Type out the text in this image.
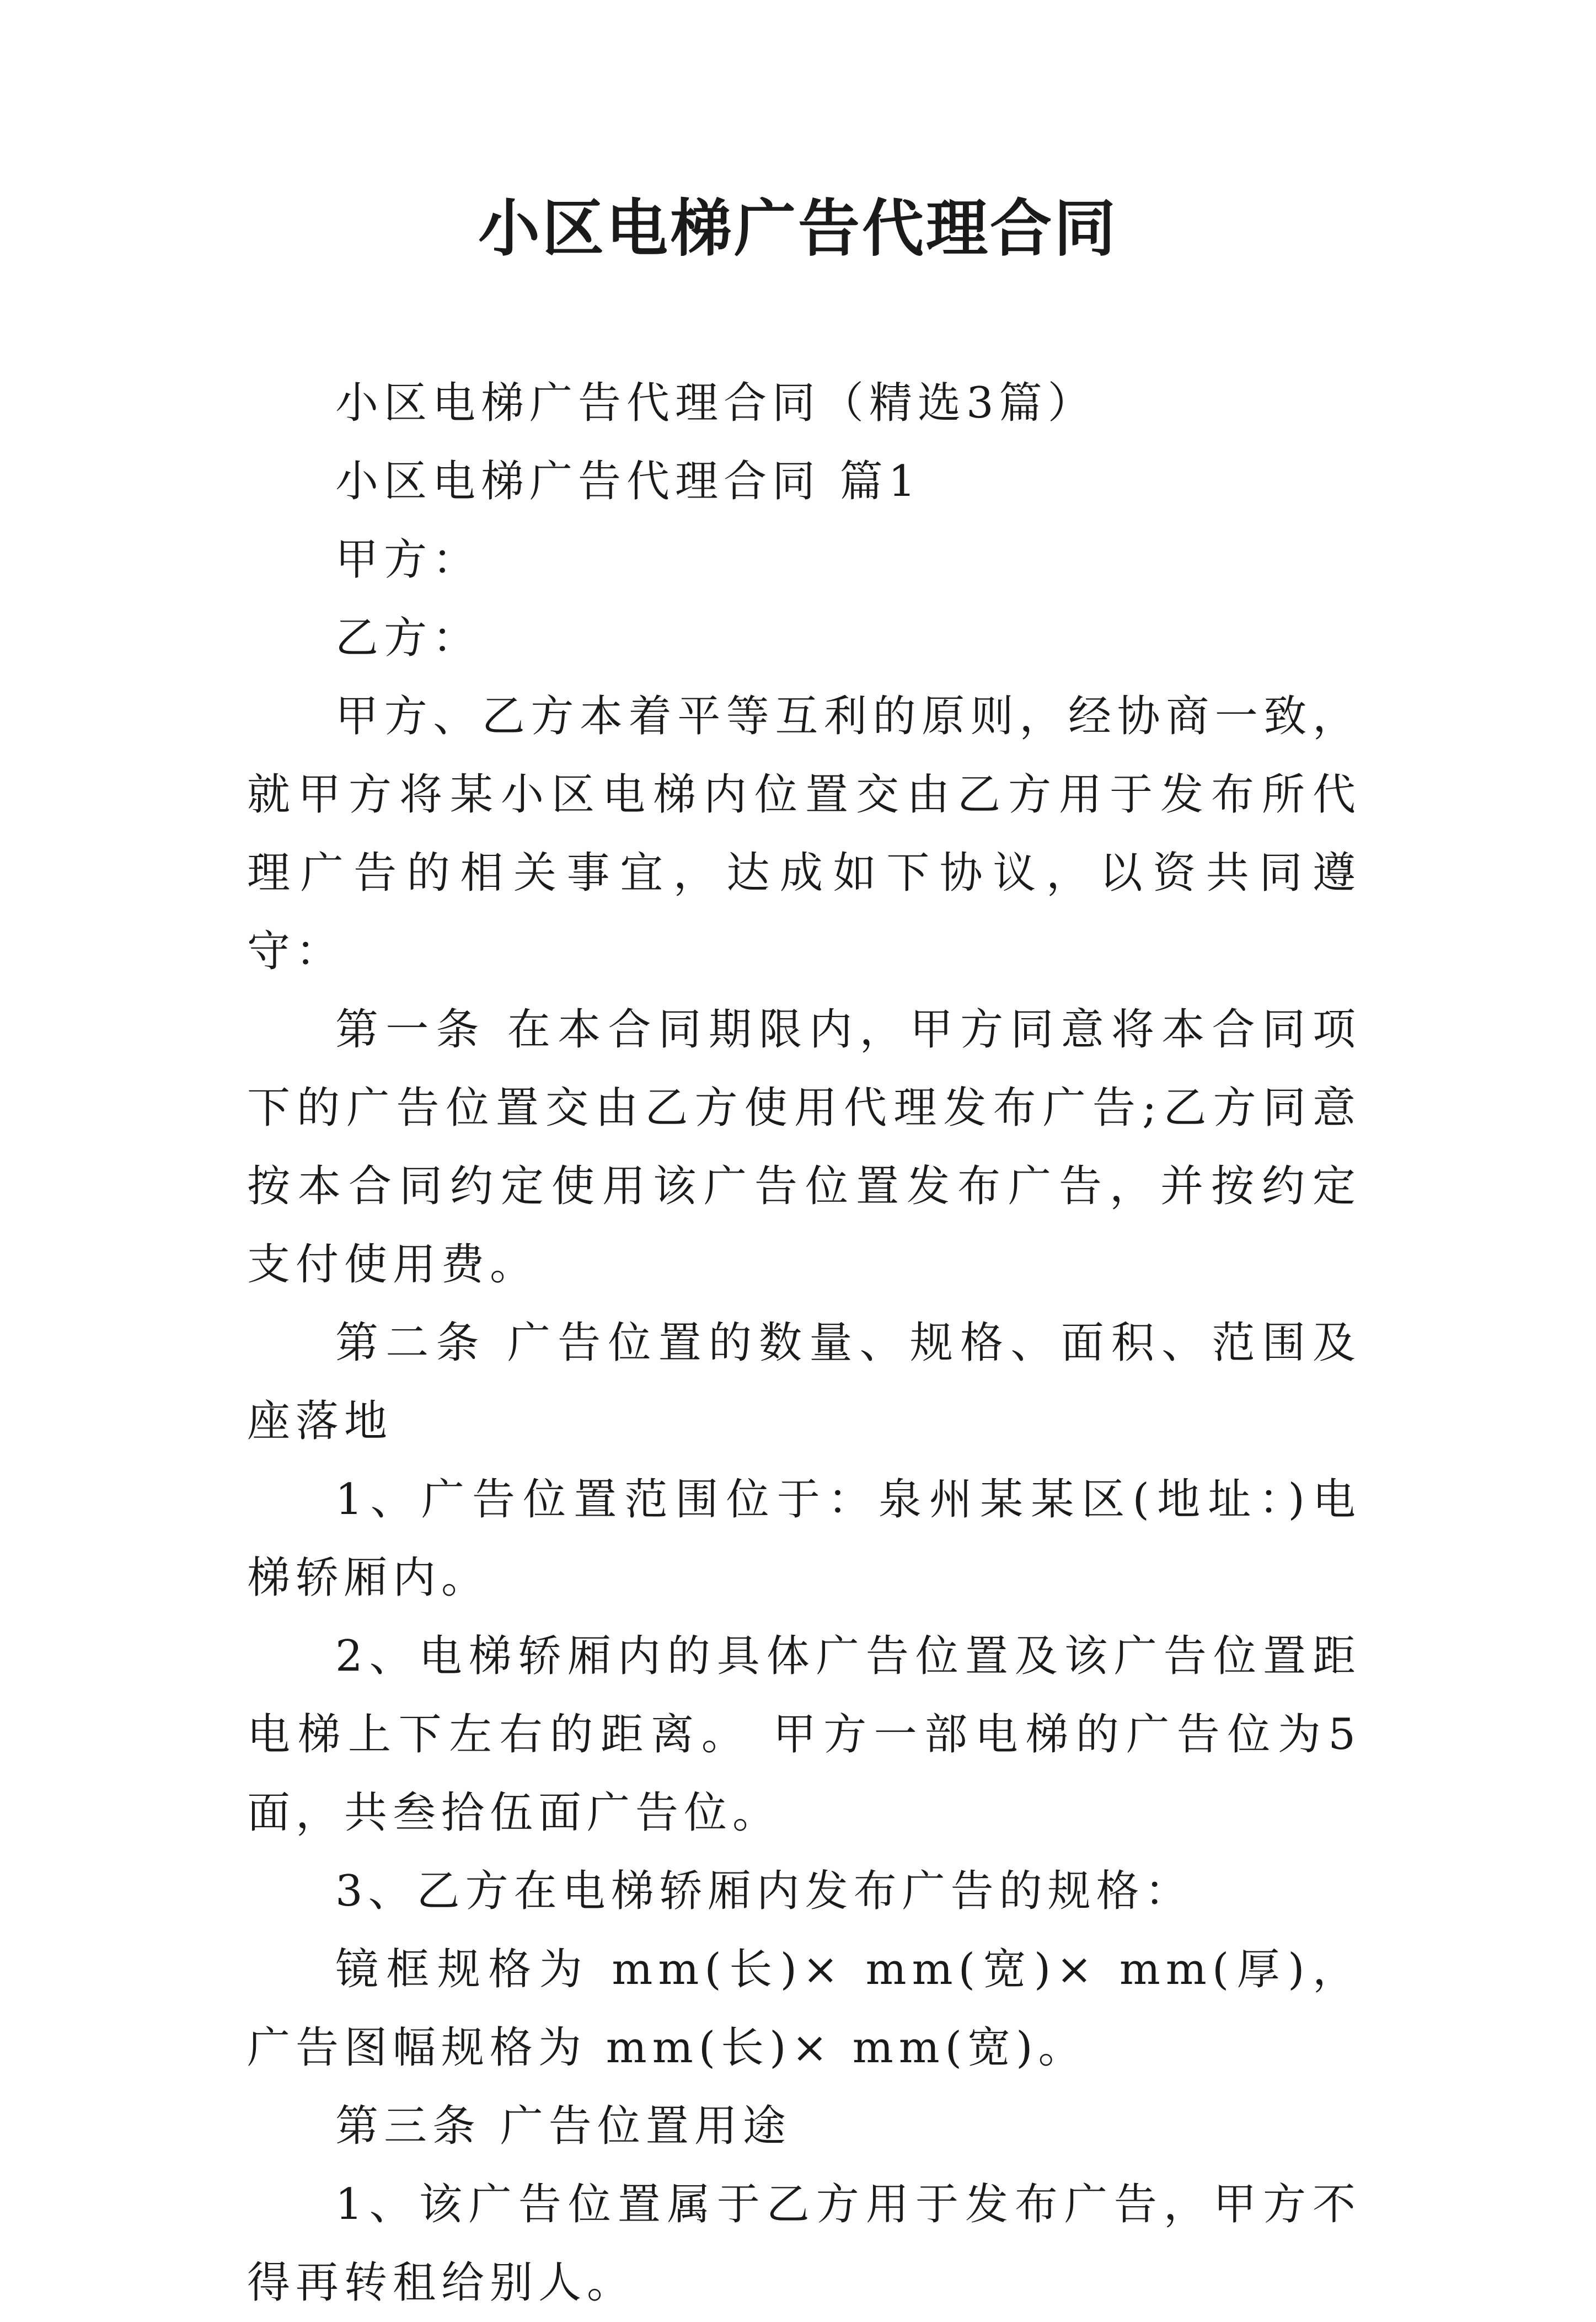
小区电梯广告代理合同

小区电梯广告代理合同（精选3篇）

小区电梯广告代理合同 篇1

甲方：

乙方：

甲方、乙方本着平等互利的原则，经协商一致，就甲方将某小区电梯内位置交由乙方用于发布所代理广告的相关事宜，达成如下协议，以资共同遵守：

第一条 在本合同期限内，甲方同意将本合同项下的广告位置交由乙方使用代理发布广告;乙方同意按本合同约定使用该广告位置发布广告，并按约定支付使用费。

第二条 广告位置的数量、规格、面积、范围及座落地

1、广告位置范围位于：泉州某某区(地址：)电梯轿厢内。

2、电梯轿厢内的具体广告位置及该广告位置距电梯上下左右的距离。 甲方一部电梯的广告位为5面，共叁拾伍面广告位。

3、乙方在电梯轿厢内发布广告的规格：

镜框规格为 mm(长)× mm(宽)× mm(厚)， 广告图幅规格为 mm(长)× mm(宽)。

第三条 广告位置用途

1、该广告位置属于乙方用于发布广告，甲方不得再转租给别人。
